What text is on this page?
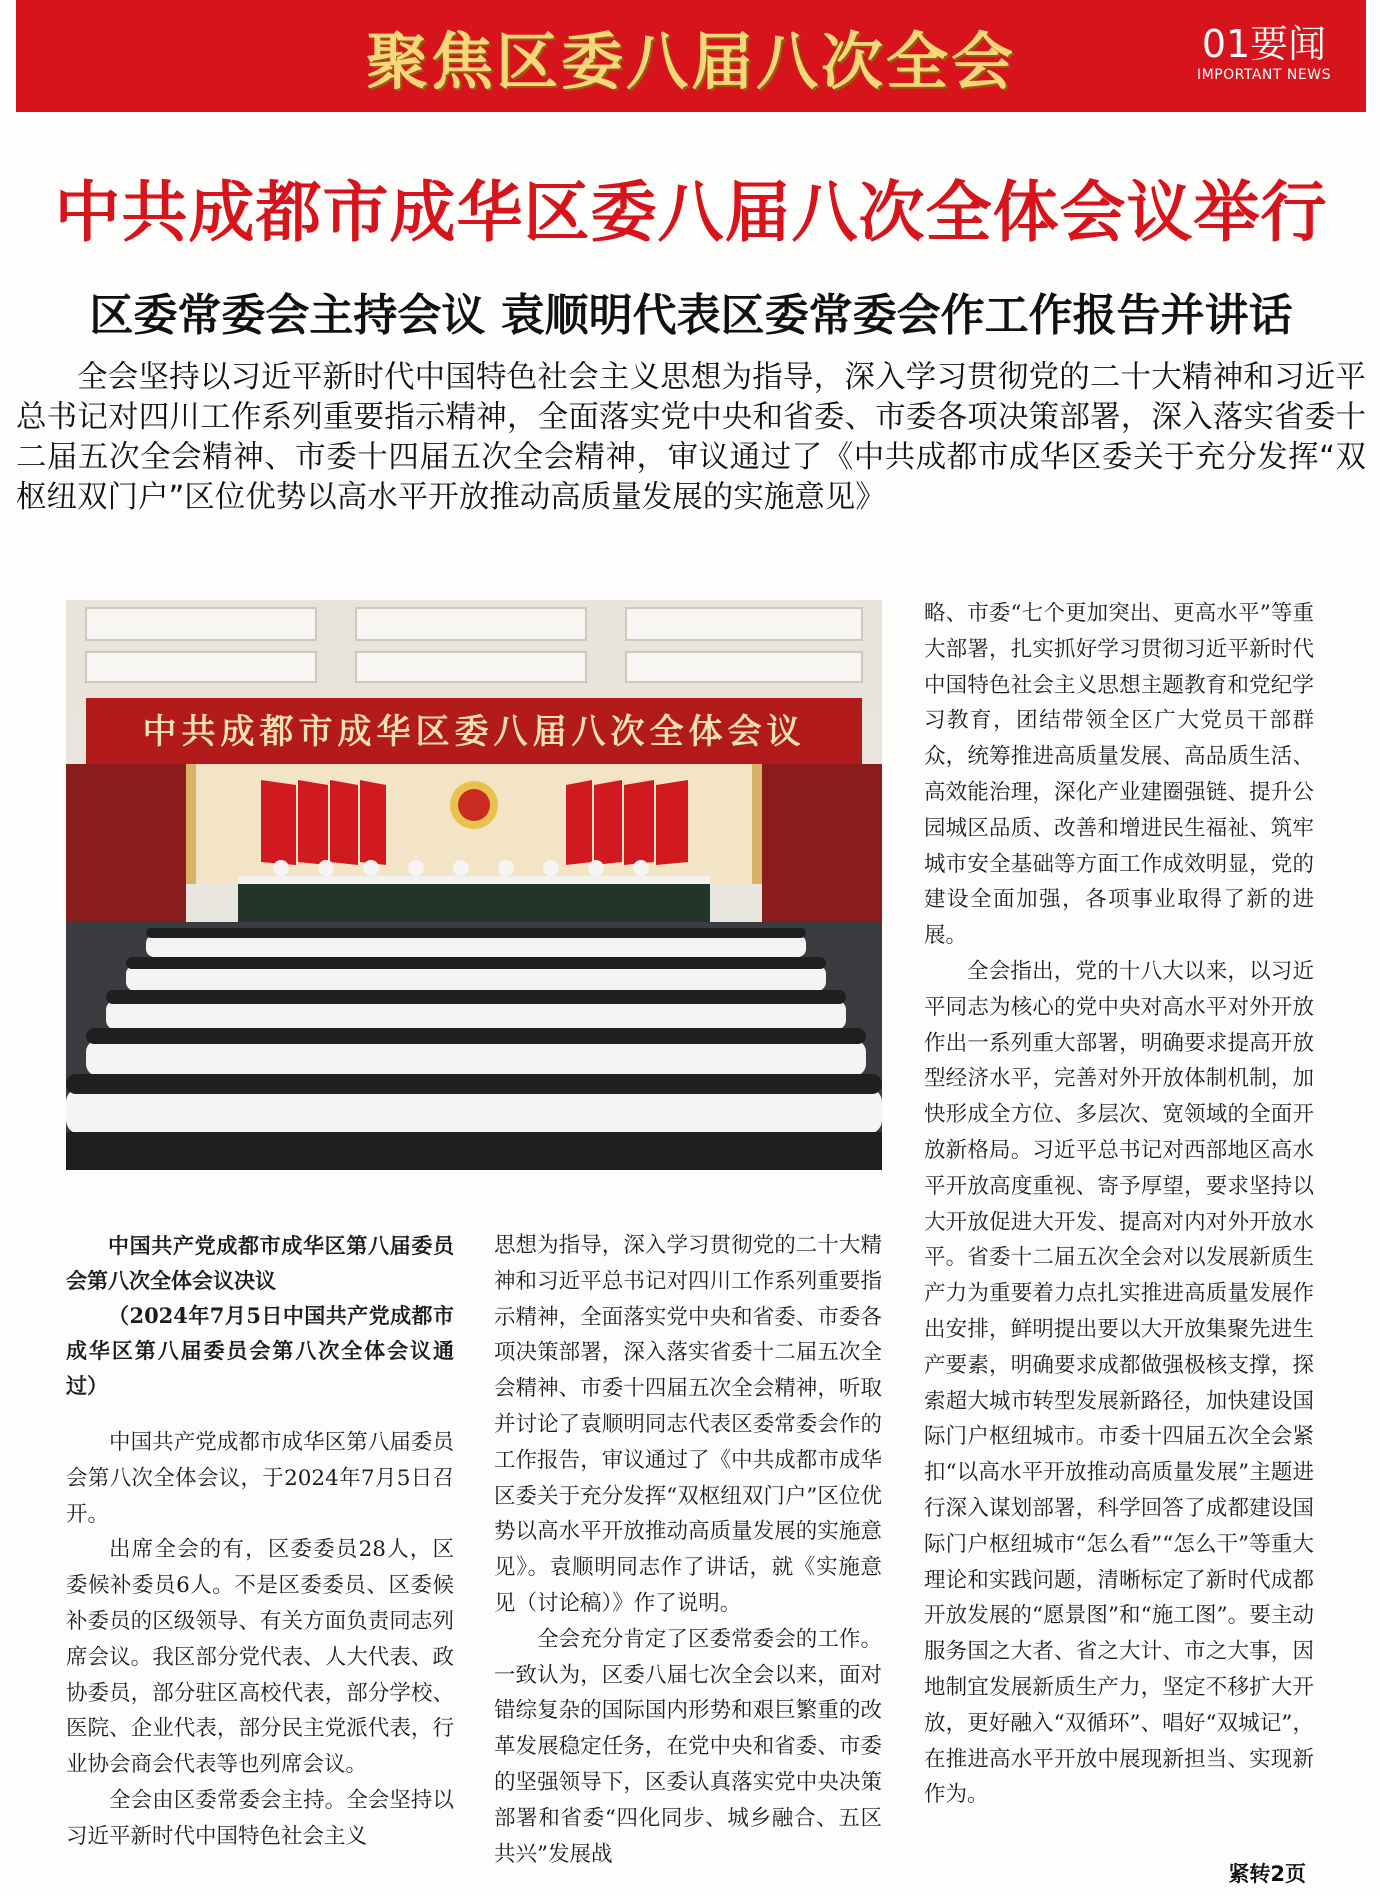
聚焦区委八届八次全会	01要闻
IMPORTANT NEWS
中共成都市成华区委八届八次全体会议举行
区委常委会主持会议 袁顺明代表区委常委会作工作报告并讲话

全会坚持以习近平新时代中国特色社会主义思想为指导，深入学习贯彻党的二十大精神和习近平总书记对四川工作系列重要指示精神，全面落实党中央和省委、市委各项决策部署，深入落实省委十二届五次全会精神、市委十四届五次全会精神，审议通过了《中共成都市成华区委关于充分发挥“双枢纽双门户”区位优势以高水平开放推动高质量发展的实施意见》

中共成都市成华区委八届八次全体会议

中国共产党成都市成华区第八届委员会第八次全体会议决议

（2024年7月5日中国共产党成都市成华区第八届委员会第八次全体会议通过）

中国共产党成都市成华区第八届委员会第八次全体会议，于2024年7月5日召开。

出席全会的有，区委委员28人，区委候补委员6人。不是区委委员、区委候补委员的区级领导、有关方面负责同志列席会议。我区部分党代表、人大代表、政协委员，部分驻区高校代表，部分学校、医院、企业代表，部分民主党派代表，行业协会商会代表等也列席会议。

全会由区委常委会主持。全会坚持以习近平新时代中国特色社会主义

思想为指导，深入学习贯彻党的二十大精神和习近平总书记对四川工作系列重要指示精神，全面落实党中央和省委、市委各项决策部署，深入落实省委十二届五次全会精神、市委十四届五次全会精神，听取并讨论了袁顺明同志代表区委常委会作的工作报告，审议通过了《中共成都市成华区委关于充分发挥“双枢纽双门户”区位优势以高水平开放推动高质量发展的实施意见》。袁顺明同志作了讲话，就《实施意见（讨论稿）》作了说明。

全会充分肯定了区委常委会的工作。一致认为，区委八届七次全会以来，面对错综复杂的国际国内形势和艰巨繁重的改革发展稳定任务，在党中央和省委、市委的坚强领导下，区委认真落实党中央决策部署和省委“四化同步、城乡融合、五区共兴”发展战

略、市委“七个更加突出、更高水平”等重大部署，扎实抓好学习贯彻习近平新时代中国特色社会主义思想主题教育和党纪学习教育，团结带领全区广大党员干部群众，统筹推进高质量发展、高品质生活、高效能治理，深化产业建圈强链、提升公园城区品质、改善和增进民生福祉、筑牢城市安全基础等方面工作成效明显，党的建设全面加强，各项事业取得了新的进展。

全会指出，党的十八大以来，以习近平同志为核心的党中央对高水平对外开放作出一系列重大部署，明确要求提高开放型经济水平，完善对外开放体制机制，加快形成全方位、多层次、宽领域的全面开放新格局。习近平总书记对西部地区高水平开放高度重视、寄予厚望，要求坚持以大开放促进大开发、提高对内对外开放水平。省委十二届五次全会对以发展新质生产力为重要着力点扎实推进高质量发展作出安排，鲜明提出要以大开放集聚先进生产要素，明确要求成都做强极核支撑，探索超大城市转型发展新路径，加快建设国际门户枢纽城市。市委十四届五次全会紧扣“以高水平开放推动高质量发展”主题进行深入谋划部署，科学回答了成都建设国际门户枢纽城市“怎么看”“怎么干”等重大理论和实践问题，清晰标定了新时代成都开放发展的“愿景图”和“施工图”。要主动服务国之大者、省之大计、市之大事，因地制宜发展新质生产力，坚定不移扩大开放，更好融入“双循环”、唱好“双城记”，在推进高水平开放中展现新担当、实现新作为。

紧转2页
